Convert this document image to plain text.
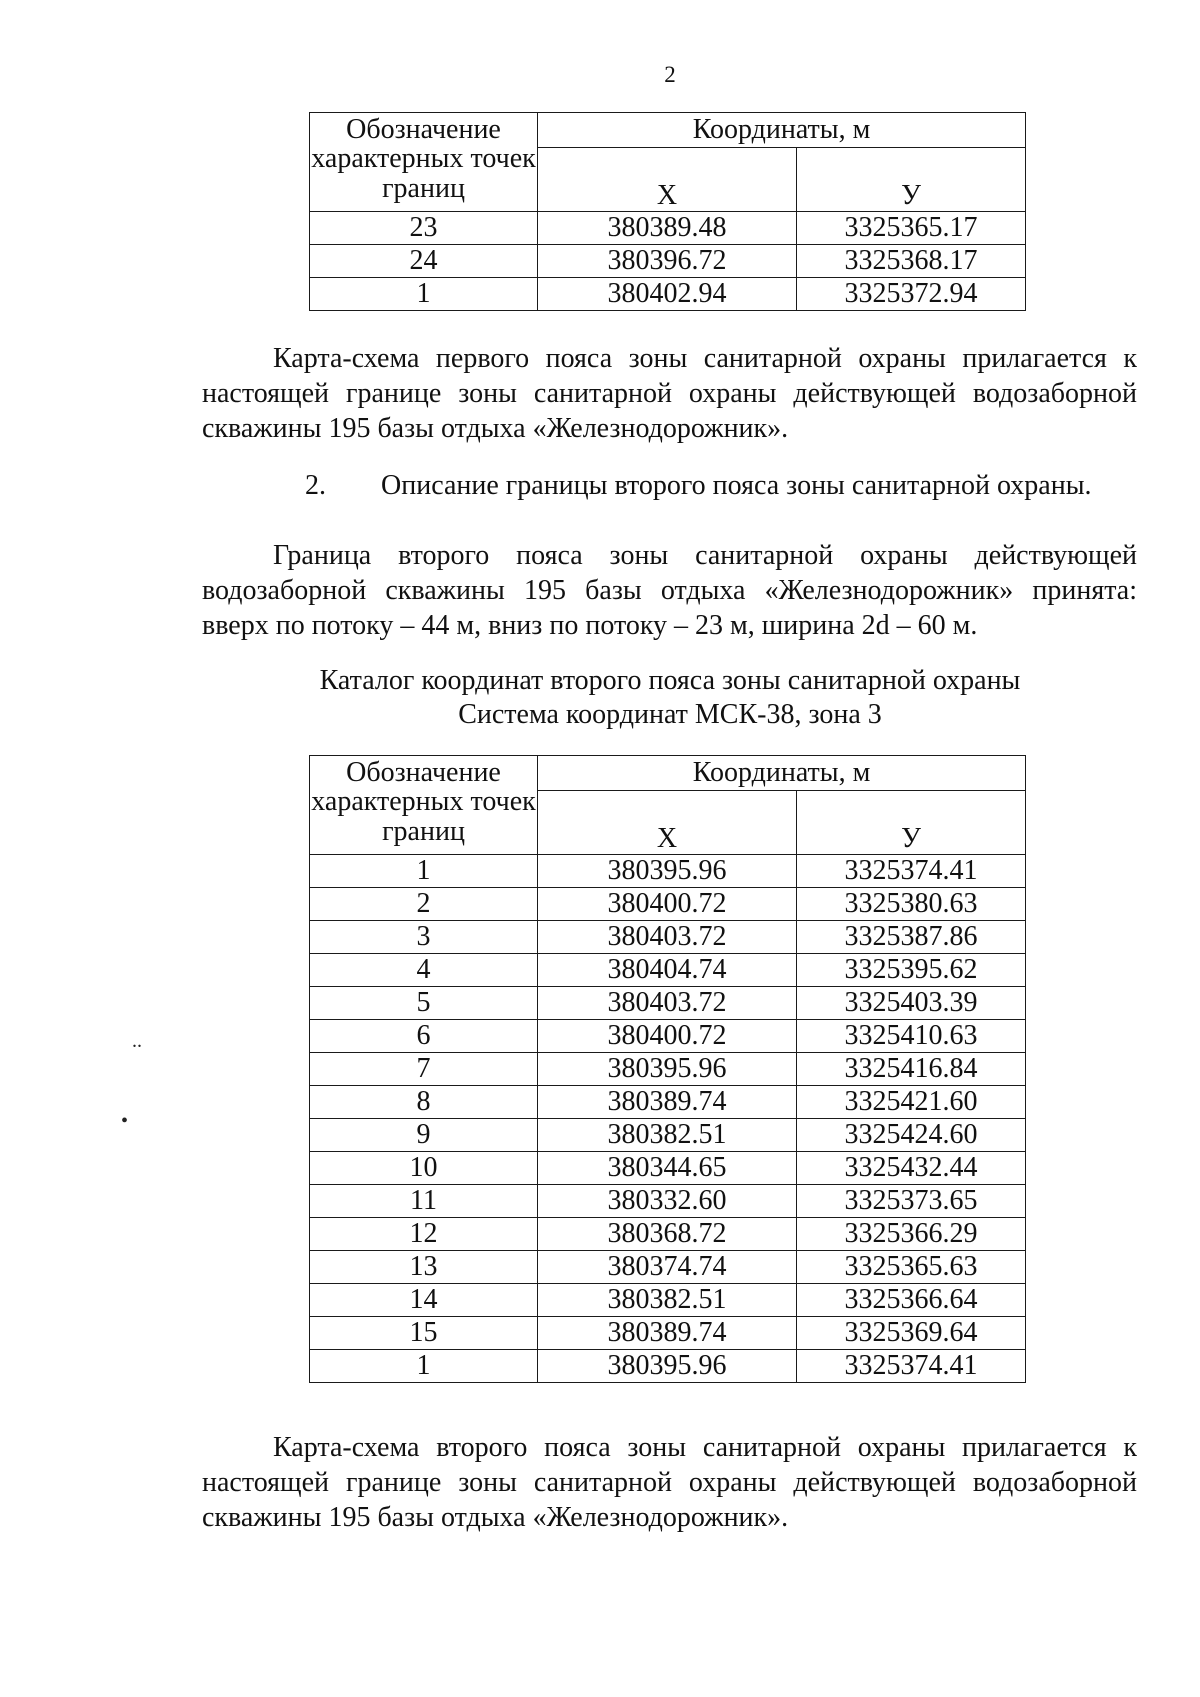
2
Обозначение характерных точек границ	Координаты, м	
	Х	У
23	380389.48	3325365.17
24	380396.72	3325368.17
1	380402.94	3325372.94
Карта-схема первого пояса зоны санитарной охраны прилагается к настоящей границе зоны санитарной охраны действующей водозаборной скважины 195 базы отдыха «Железнодорожник».
2. Описание границы второго пояса зоны санитарной охраны.
Граница второго пояса зоны санитарной охраны действующей водозаборной скважины 195 базы отдыха «Железнодорожник» принята: вверх по потоку – 44 м, вниз по потоку – 23 м, ширина 2d – 60 м.
Каталог координат второго пояса зоны санитарной охраны
Система координат МСК-38, зона 3
Обозначение характерных точек границ	Координаты, м	
	Х	У
1	380395.96	3325374.41
2	380400.72	3325380.63
3	380403.72	3325387.86
4	380404.74	3325395.62
5	380403.72	3325403.39
6	380400.72	3325410.63
7	380395.96	3325416.84
8	380389.74	3325421.60
9	380382.51	3325424.60
10	380344.65	3325432.44
11	380332.60	3325373.65
12	380368.72	3325366.29
13	380374.74	3325365.63
14	380382.51	3325366.64
15	380389.74	3325369.64
1	380395.96	3325374.41
Карта-схема второго пояса зоны санитарной охраны прилагается к настоящей границе зоны санитарной охраны действующей водозаборной скважины 195 базы отдыха «Железнодорожник».
..
•
